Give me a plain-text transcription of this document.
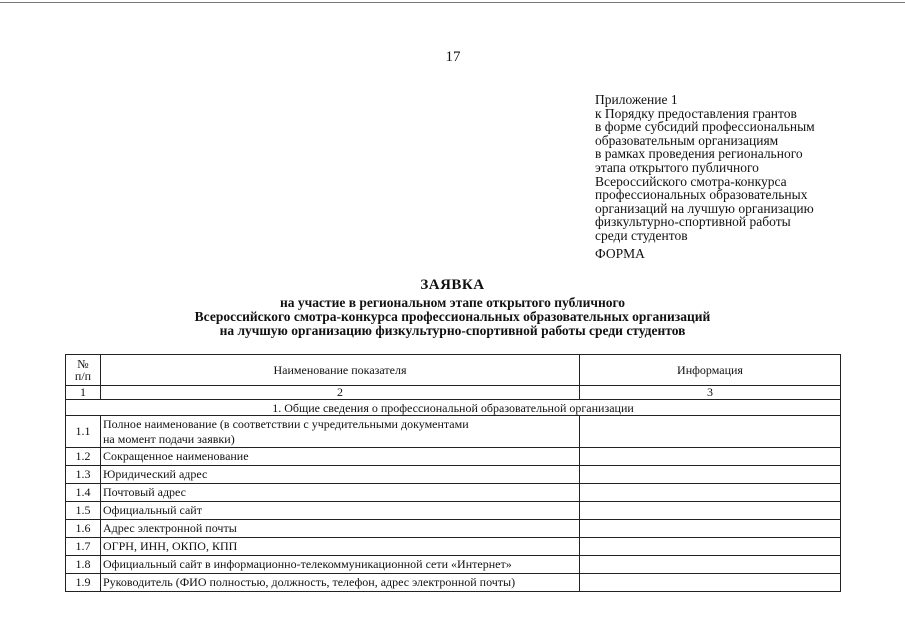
17
Приложение 1
к Порядку предоставления грантов
в форме субсидий профессиональным
образовательным организациям
в рамках проведения регионального
этапа открытого публичного
Всероссийского смотра-конкурса
профессиональных образовательных
организаций на лучшую организацию
физкультурно-спортивной работы
среди студентов
ФОРМА
ЗАЯВКА
на участие в региональном этапе открытого публичного
Всероссийского смотра-конкурса профессиональных образовательных организаций
на лучшую организацию физкультурно-спортивной работы среди студентов
№
п/п	Наименование показателя	Информация
1	2	3
1. Общие сведения о профессиональной образовательной организации		
1.1	Полное наименование (в соответствии с учредительными документами
на момент подачи заявки)	

1.2	Сокращенное наименование	
1.3	Юридический адрес	
1.4	Почтовый адрес	
1.5	Официальный сайт	
1.6	Адрес электронной почты	
1.7	ОГРН, ИНН, ОКПО, КПП	
1.8	Официальный сайт в информационно-телекоммуникационной сети «Интернет»	
1.9	Руководитель (ФИО полностью, должность, телефон, адрес электронной почты)	
